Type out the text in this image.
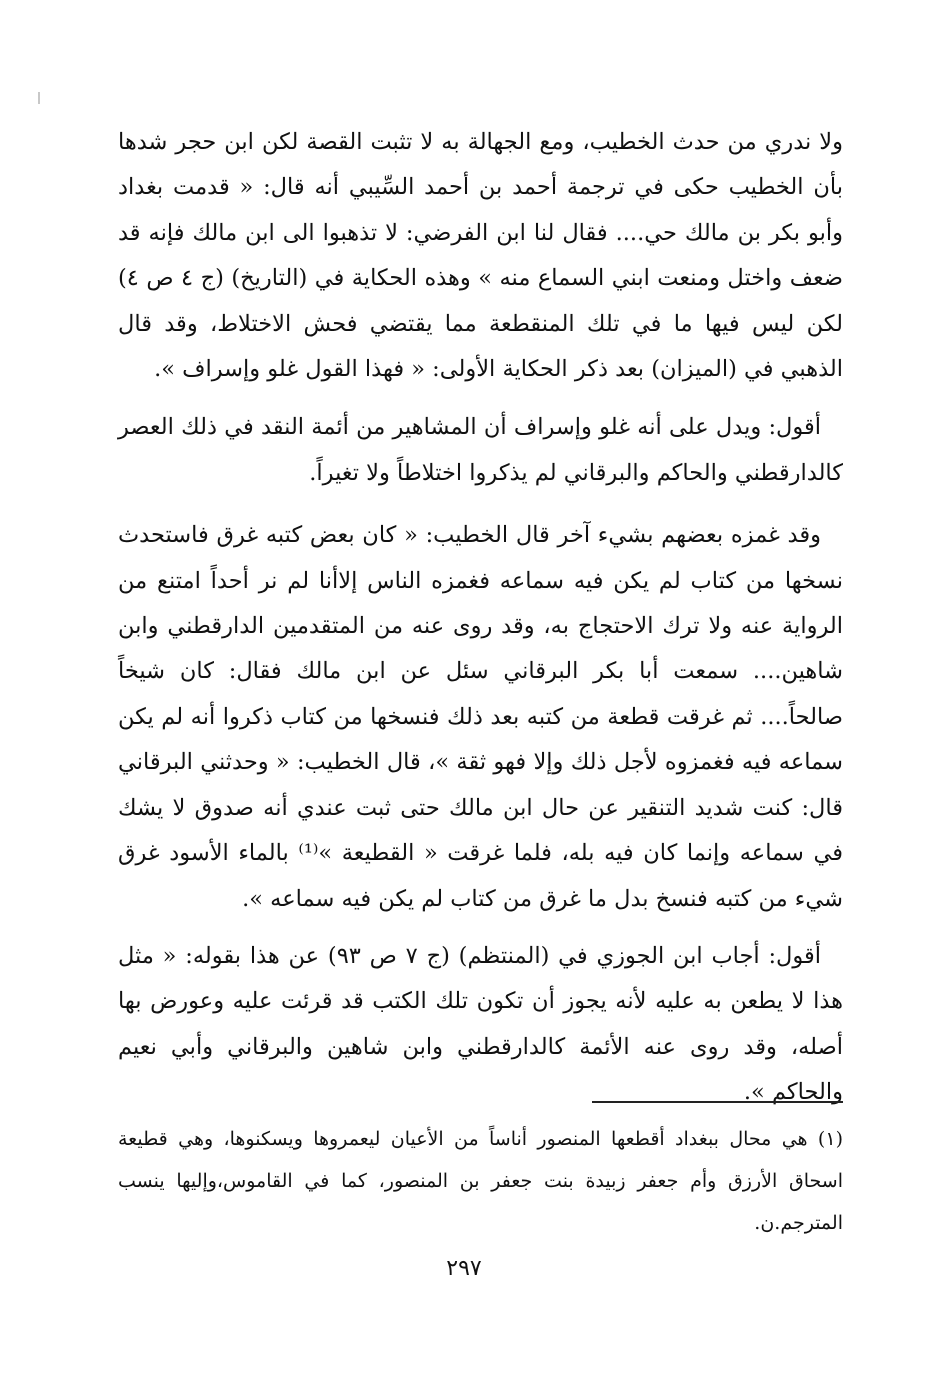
ولا ندري من حدث الخطيب، ومع الجهالة به لا تثبت القصة لكن ابن حجر شدها بأن الخطيب حكى في ترجمة أحمد بن أحمد السِّيبي أنه قال: « قدمت بغداد وأبو بكر بن مالك حي.... فقال لنا ابن الفرضي: لا تذهبوا الى ابن مالك فإنه قد ضعف واختل ومنعت ابني السماع منه » وهذه الحكاية في (التاريخ) (ج ٤ ص ٤) لكن ليس فيها ما في تلك المنقطعة مما يقتضي فحش الاختلاط، وقد قال الذهبي في (الميزان) بعد ذكر الحكاية الأولى: « فهذا القول غلو وإسراف ».

أقول: ويدل على أنه غلو وإسراف أن المشاهير من أئمة النقد في ذلك العصر كالدارقطني والحاكم والبرقاني لم يذكروا اختلاطاً ولا تغيراً.

وقد غمزه بعضهم بشيء آخر قال الخطيب: « كان بعض كتبه غرق فاستحدث نسخها من كتاب لم يكن فيه سماعه فغمزه الناس إلاأنا لم نر أحداً امتنع من الرواية عنه ولا ترك الاحتجاج به، وقد روى عنه من المتقدمين الدارقطني وابن شاهين.... سمعت أبا بكر البرقاني سئل عن ابن مالك فقال: كان شيخاً صالحاً.... ثم غرقت قطعة من كتبه بعد ذلك فنسخها من كتاب ذكروا أنه لم يكن سماعه فيه فغمزوه لأجل ذلك وإلا فهو ثقة »، قال الخطيب: « وحدثني البرقاني قال: كنت شديد التنقير عن حال ابن مالك حتى ثبت عندي أنه صدوق لا يشك في سماعه وإنما كان فيه بله، فلما غرقت « القطيعة »⁽¹⁾ بالماء الأسود غرق شيء من كتبه فنسخ بدل ما غرق من كتاب لم يكن فيه سماعه ».

أقول: أجاب ابن الجوزي في (المنتظم) (ج ٧ ص ٩٣) عن هذا بقوله: « مثل هذا لا يطعن به عليه لأنه يجوز أن تكون تلك الكتب قد قرئت عليه وعورض بها أصله، وقد روى عنه الأئمة كالدارقطني وابن شاهين والبرقاني وأبي نعيم والحاكم ».

(١) هي محال ببغداد أقطعها المنصور أناساً من الأعيان ليعمروها ويسكنوها، وهي قطيعة اسحاق الأرزق وأم جعفر زبيدة بنت جعفر بن المنصور، كما في القاموس،وإليها ينسب المترجم.ن.

٢٩٧
